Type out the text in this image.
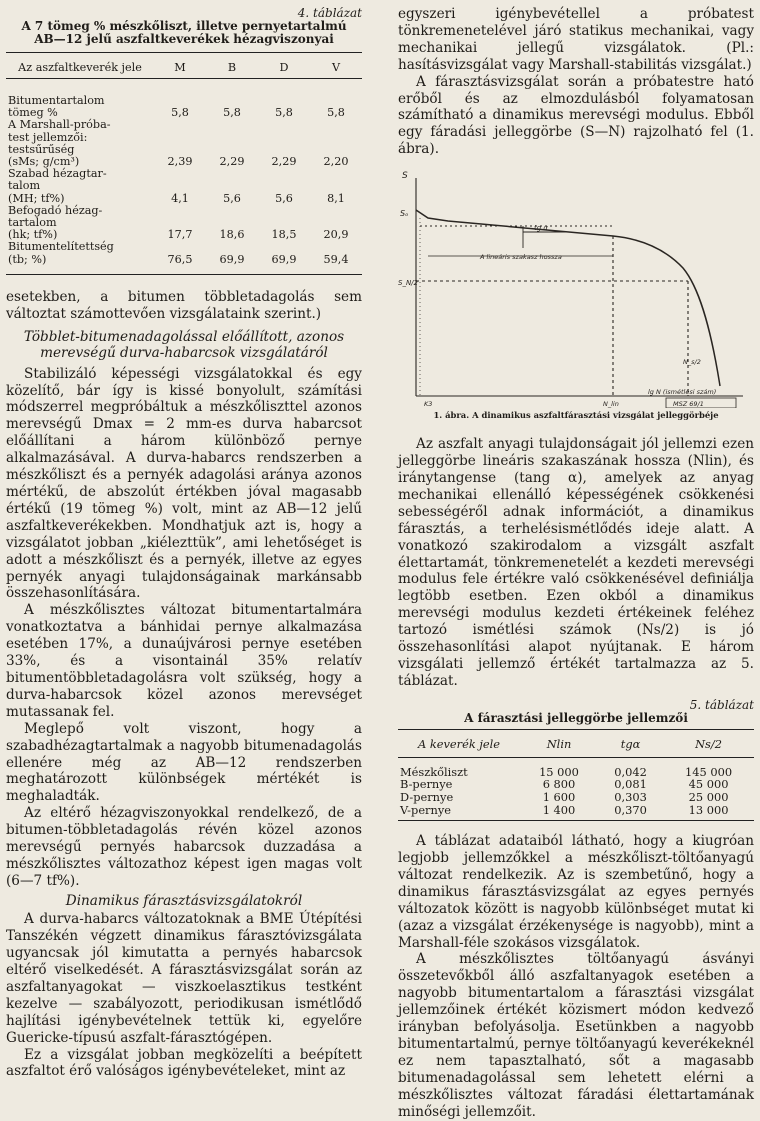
4. táblázat
A 7 tömeg % mészkőliszt, illetve pernyetartalmú
AB—12 jelű aszfaltkeverékek hézagviszonyai
Az aszfaltkeverék jele	M	B	D	V

Bitumentartalom
tömeg %	5,8	5,8	5,8	5,8

A Marshall-próba-
test jellemzői:
testsűrűség
(sMs; g/cm³)	2,39	2,29	2,29	2,20

Szabad hézagtar-
talom
(MH; tf%)	4,1	5,6	5,6	8,1

Befogadó hézag-
tartalom
(hk; tf%)	17,7	18,6	18,5	20,9

Bitumentelítettség
(tb; %)	76,5	69,9	69,9	59,4

esetekben, a bitumen többletadagolás sem változtat számottevően vizsgálataink szerint.)

Többlet-bitumenadagolással előállított, azonos merevségű durva-habarcsok vizsgálatáról

Stabilizáló képességi vizsgálatokkal és egy közelítő, bár így is kissé bonyolult, számítási módszerrel megpróbáltuk a mészkőliszttel azonos merevségű Dmax = 2 mm-es durva habarcsot előállítani a három különböző pernye alkalmazásával. A durva-habarcs rendszerben a mészkőliszt és a pernyék adagolási aránya azonos mértékű, de abszolút értékben jóval magasabb értékű (19 tömeg %) volt, mint az AB—12 jelű aszfaltkeverékekben. Mondhatjuk azt is, hogy a vizsgálatot jobban „kiélezttük”, ami lehetőséget is adott a mészkőliszt és a pernyék, illetve az egyes pernyék anyagi tulajdonságainak markánsabb összehasonlítására.

A mészkőlisztes változat bitumentartalmára vonatkoztatva a bánhidai pernye alkalmazása esetében 17%, a dunaújvárosi pernye esetében 33%, és a visontainál 35% relatív bitumentöbbletadagolásra volt szükség, hogy a durva-habarcsok közel azonos merevséget mutassanak fel.

Meglepő volt viszont, hogy a szabadhézagtartalmak a nagyobb bitumenadagolás ellenére még az AB—12 rendszerben meghatározott különbségek mértékét is meghaladták.

Az eltérő hézagviszonyokkal rendelkező, de a bitumen-többletadagolás révén közel azonos merevségű pernyés habarcsok duzzadása a mészkőlisztes változathoz képest igen magas volt (6—7 tf%).

Dinamikus fárasztásvizsgálatokról

A durva-habarcs változatoknak a BME Útépítési Tanszékén végzett dinamikus fárasztóvizsgálata ugyancsak jól kimutatta a pernyés habarcsok eltérő viselkedését. A fárasztásvizsgálat során az aszfaltanyagokat — viszkoelasztikus testként kezelve — szabályozott, periodikusan ismétlődő hajlítási igénybevételnek tettük ki, egyelőre Guericke-típusú aszfalt-fárasztógépen.

Ez a vizsgálat jobban megközelíti a beépített aszfaltot érő valóságos igénybevételeket, mint az

egyszeri igénybevétellel a próbatest tönkremenetelével járó statikus mechanikai, vagy mechanikai jellegű vizsgálatok. (Pl.: hasításvizsgálat vagy Marshall-stabilitás vizsgálat.)

A fárasztásvizsgálat során a próbatestre ható erőből és az elmozdulásból folyamatosan számítható a dinamikus merevségi modulus. Ebből egy fáradási jelleggörbe (S—N) rajzolható fel (1. ábra).

S
Sₒ
S_N/2
tg α
A lineáris szakasz hossza
N_s/2
K3	N_lin
lg N (ismétlési szám)
MSZ 69/1
1. ábra. A dinamikus aszfaltfárasztási vizsgálat jelleggörbéje

Az aszfalt anyagi tulajdonságait jól jellemzi ezen jelleggörbe lineáris szakaszának hossza (Nlin), és iránytangense (tang α), amelyek az anyag mechanikai ellenálló képességének csökkenési sebességéről adnak információt, a dinamikus fárasztás, a terhelésismétlődés ideje alatt. A vonatkozó szakirodalom a vizsgált aszfalt élettartamát, tönkremenetelét a kezdeti merevségi modulus fele értékre való csökkenésével definiálja legtöbb esetben. Ezen okból a dinamikus merevségi modulus kezdeti értékeinek feléhez tartozó ismétlési számok (Ns/2) is jó összehasonlítási alapot nyújtanak. E három vizsgálati jellemző értékét tartalmazza az 5. táblázat.

5. táblázat
A fárasztási jelleggörbe jellemzői
A keverék jele	Nlin	tgα	Ns/2
Mészkőliszt	15 000	0,042	145 000
B-pernye	6 800	0,081	45 000
D-pernye	1 600	0,303	25 000
V-pernye	1 400	0,370	13 000

A táblázat adataiból látható, hogy a kiugróan legjobb jellemzőkkel a mészkőliszt-töltőanyagú változat rendelkezik. Az is szembetűnő, hogy a dinamikus fárasztásvizsgálat az egyes pernyés változatok között is nagyobb különbséget mutat ki (azaz a vizsgálat érzékenysége is nagyobb), mint a Marshall-féle szokásos vizsgálatok.

A mészkőlisztes töltőanyagú ásványi összetevőkből álló aszfaltanyagok esetében a nagyobb bitumentartalom a fárasztási vizsgálat jellemzőinek értékét közismert módon kedvező irányban befolyásolja. Esetünkben a nagyobb bitumentartalmú, pernye töltőanyagú keverékeknél ez nem tapasztalható, sőt a magasabb bitumenadagolással sem lehetett elérni a mészkőlisztes változat fáradási élettartamának minőségi jellemzőit.
